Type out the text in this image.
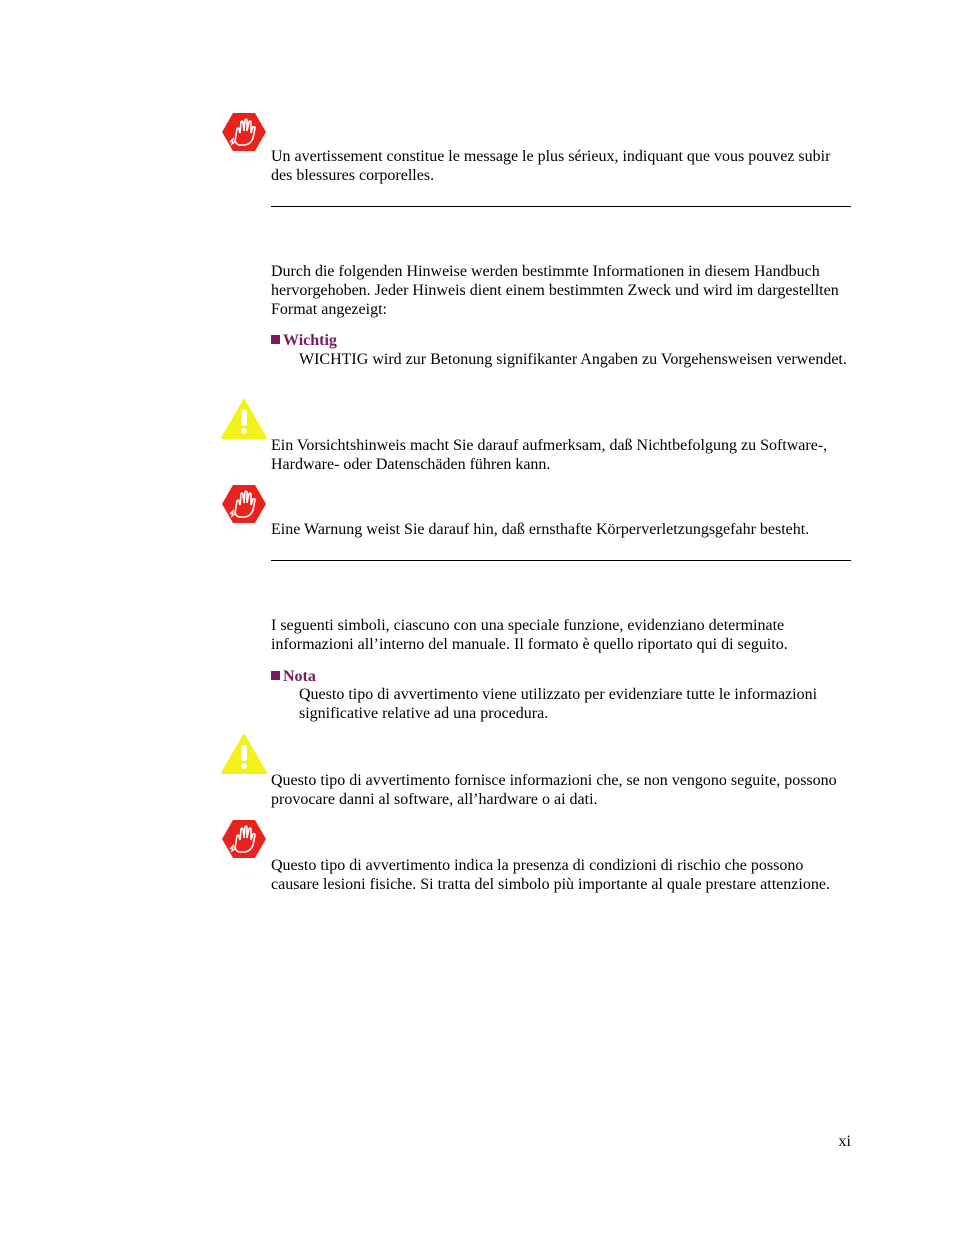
Un avertissement constitue le message le plus sérieux, indiquant que vous pouvez subir des blessures corporelles.

Durch die folgenden Hinweise werden bestimmte Informationen in diesem Handbuch hervorgehoben. Jeder Hinweis dient einem bestimmten Zweck und wird im dargestellten Format angezeigt:

Wichtig

WICHTIG wird zur Betonung signifikanter Angaben zu Vorgehensweisen verwendet.

Ein Vorsichtshinweis macht Sie darauf aufmerksam, daß Nichtbefolgung zu Software-, Hardware- oder Datenschäden führen kann.

Eine Warnung weist Sie darauf hin, daß ernsthafte Körperverletzungsgefahr besteht.

I seguenti simboli, ciascuno con una speciale funzione, evidenziano determinate informazioni all’interno del manuale. Il formato è quello riportato qui di seguito.

Nota

Questo tipo di avvertimento viene utilizzato per evidenziare tutte le informazioni significative relative ad una procedura.

Questo tipo di avvertimento fornisce informazioni che, se non vengono seguite, possono provocare danni al software, all’hardware o ai dati.

Questo tipo di avvertimento indica la presenza di condizioni di rischio che possono causare lesioni fisiche. Si tratta del simbolo più importante al quale prestare attenzione.

xi
